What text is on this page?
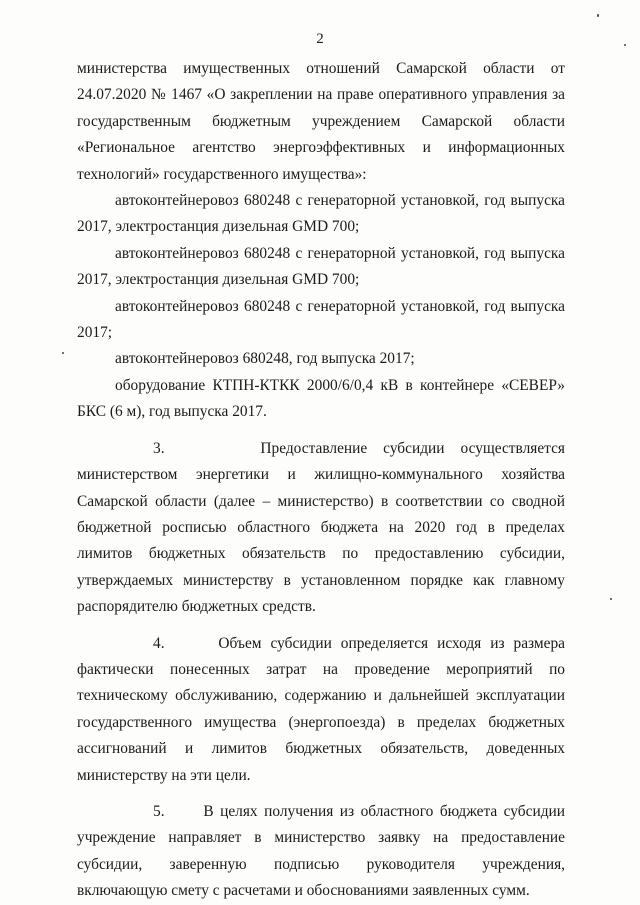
2

министерства имущественных отношений Самарской области от 24.07.2020 № 1467 «О закреплении на праве оперативного управления за государственным бюджетным учреждением Самарской области «Региональное агентство энергоэффективных и информационных технологий» государственного имущества»:

автоконтейнеровоз 680248 с генераторной установкой, год выпуска 2017, электростанция дизельная GMD 700;

автоконтейнеровоз 680248 с генераторной установкой, год выпуска 2017, электростанция дизельная GMD 700;

автоконтейнеровоз 680248 с генераторной установкой, год выпуска 2017;

автоконтейнеровоз 680248, год выпуска 2017;

оборудование КТПН-КТКК 2000/6/0,4 кВ в контейнере «СЕВЕР» БКС (6 м), год выпуска 2017.

3.	Предоставление субсидии осуществляется министерством энергетики и жилищно-коммунального хозяйства Самарской области (далее – министерство) в соответствии со сводной бюджетной росписью областного бюджета на 2020 год в пределах лимитов бюджетных обязательств по предоставлению субсидии, утверждаемых министерству в установленном порядке как главному распорядителю бюджетных средств.

4.	Объем субсидии определяется исходя из размера фактически понесенных затрат на проведение мероприятий по техническому обслуживанию, содержанию и дальнейшей эксплуатации государственного имущества (энергопоезда) в пределах бюджетных ассигнований и лимитов бюджетных обязательств, доведенных министерству на эти цели.

5.	В целях получения из областного бюджета субсидии учреждение направляет в министерство заявку на предоставление субсидии, заверенную подписью руководителя учреждения, включающую смету с расчетами и обоснованиями заявленных сумм.
